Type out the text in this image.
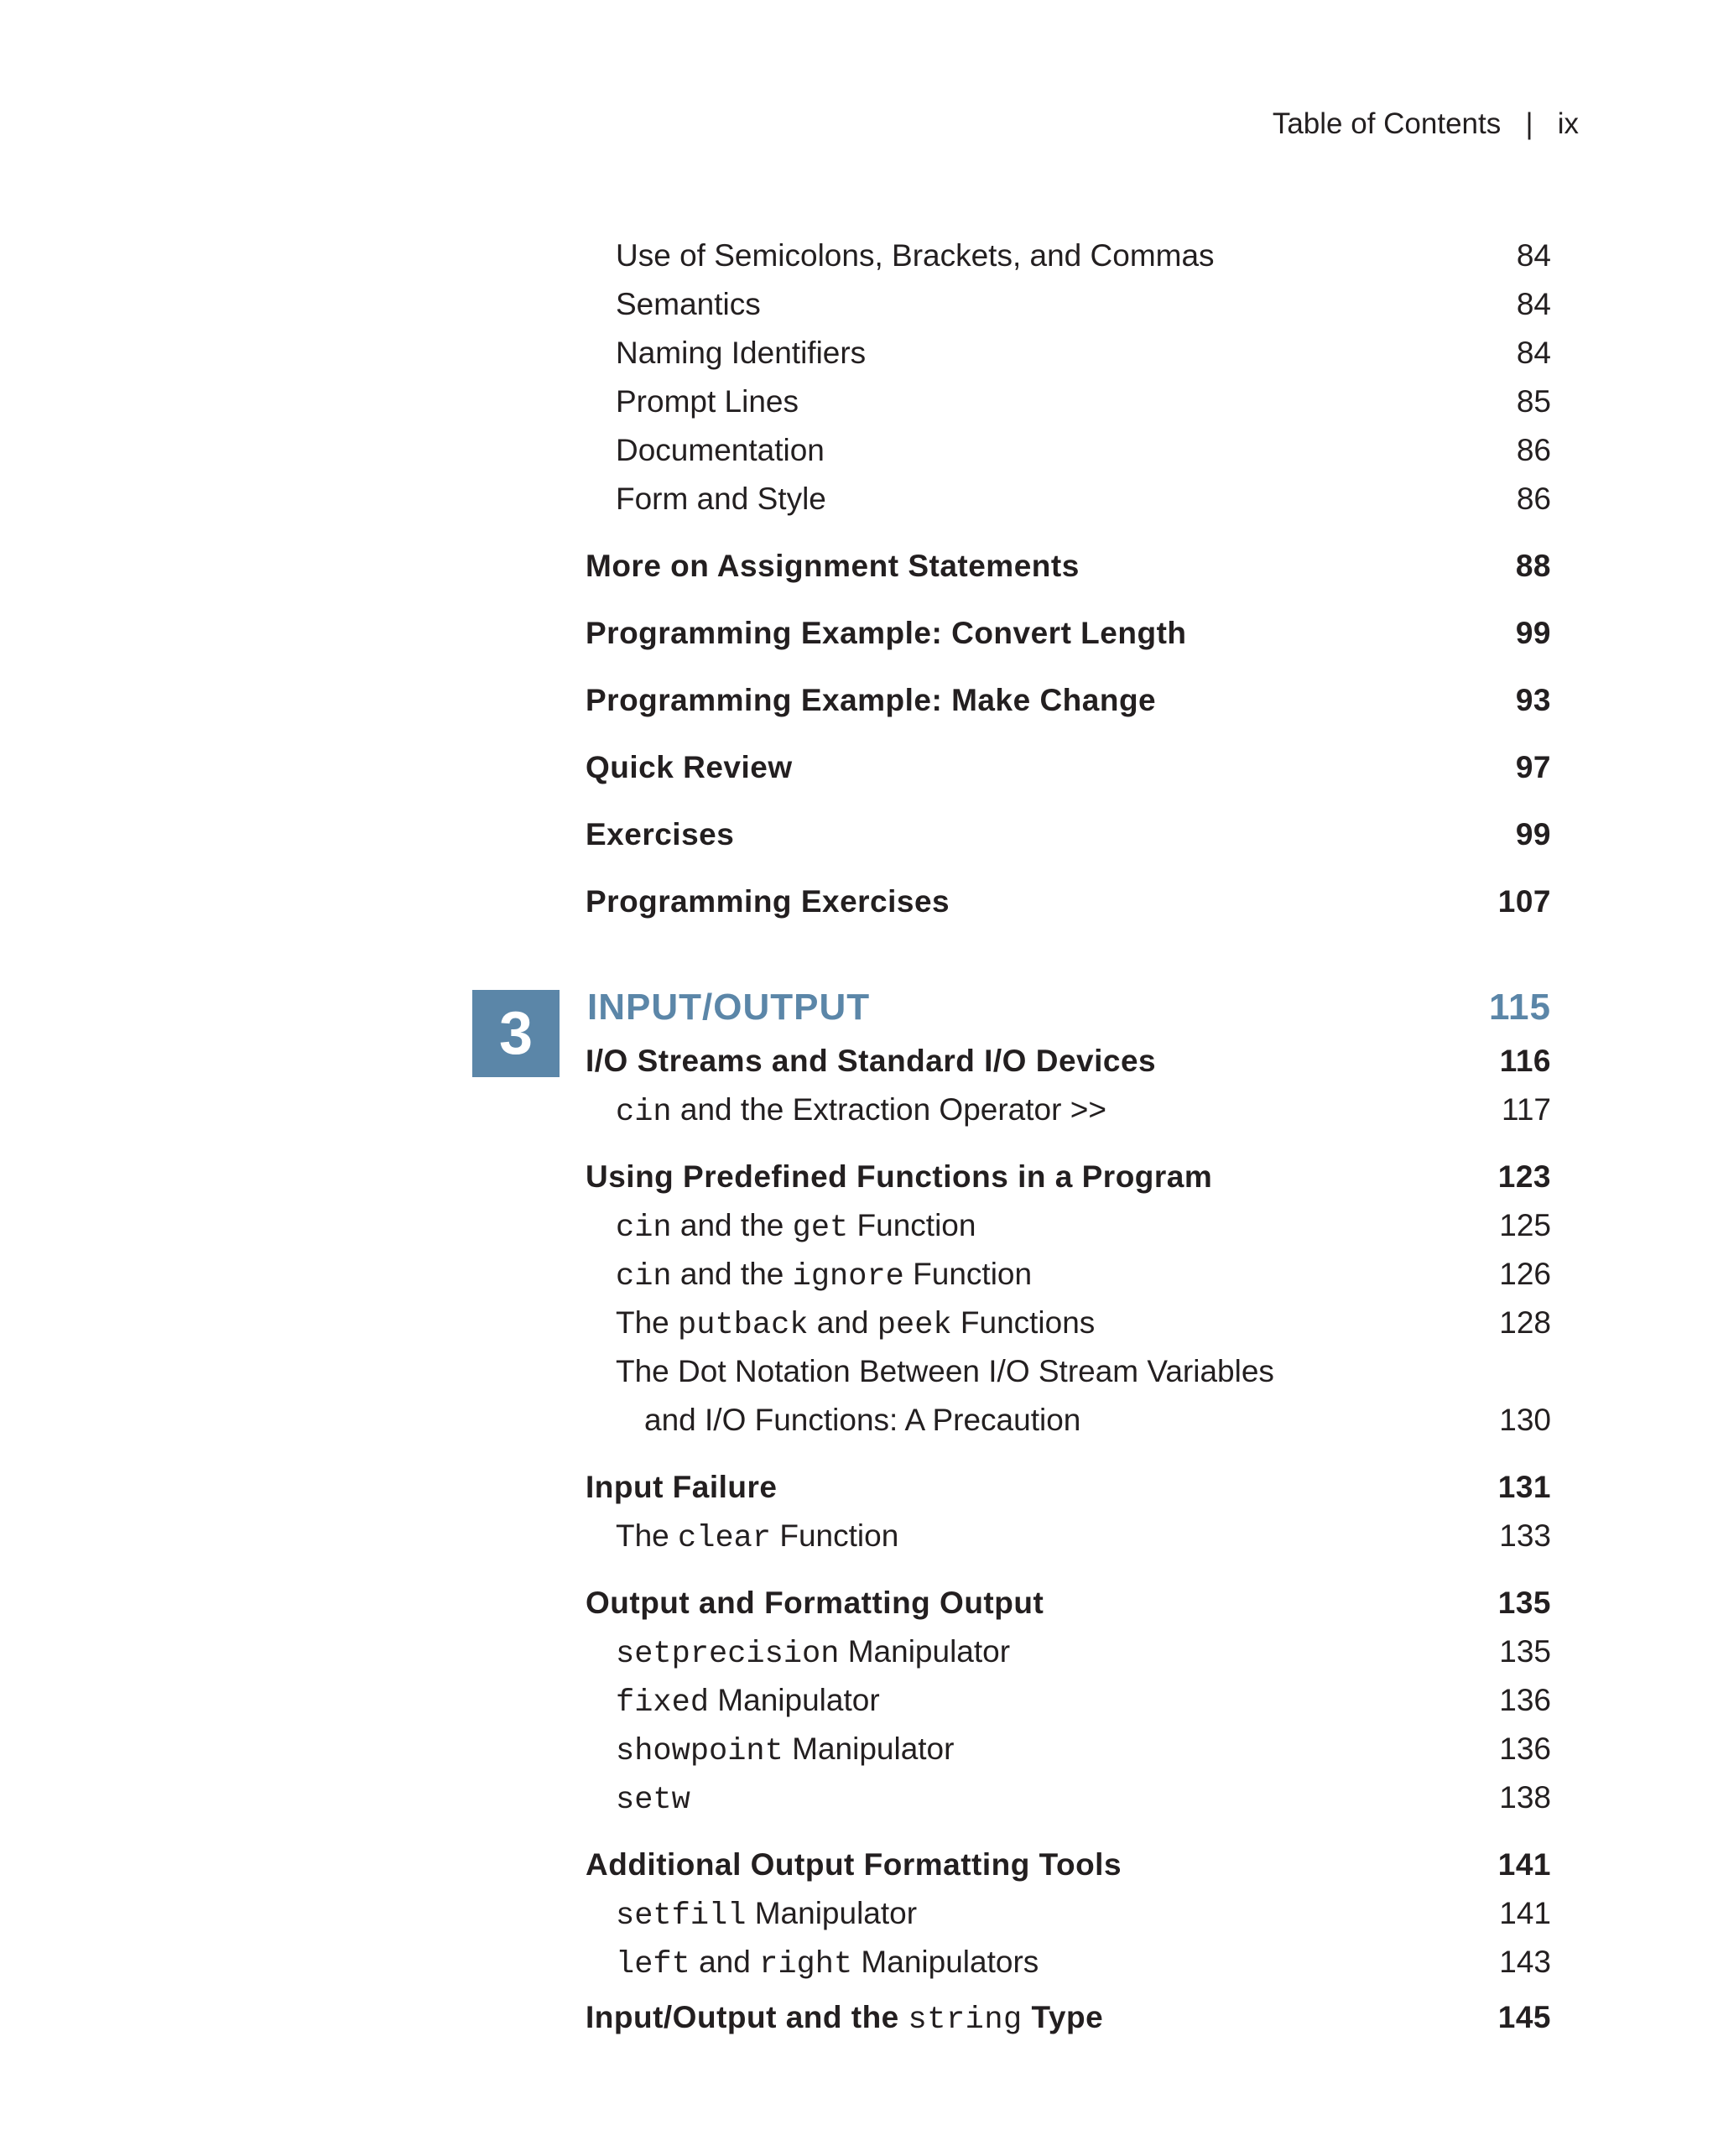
Table of Contents | ix
3
Use of Semicolons, Brackets, and Commas	84
Semantics	84
Naming Identifiers	84
Prompt Lines	85
Documentation	86
Form and Style	86
More on Assignment Statements	88
Programming Example: Convert Length	99
Programming Example: Make Change	93
Quick Review	97
Exercises	99
Programming Exercises	107
INPUT/OUTPUT	115
I/O Streams and Standard I/O Devices	116
cin and the Extraction Operator >>	117
Using Predefined Functions in a Program	123
cin and the get Function	125
cin and the ignore Function	126
The putback and peek Functions	128
The Dot Notation Between I/O Stream Variables
and I/O Functions: A Precaution	130
Input Failure	131
The clear Function	133
Output and Formatting Output	135
setprecision Manipulator	135
fixed Manipulator	136
showpoint Manipulator	136
setw	138
Additional Output Formatting Tools	141
setfill Manipulator	141
left and right Manipulators	143
Input/Output and the string Type	145
